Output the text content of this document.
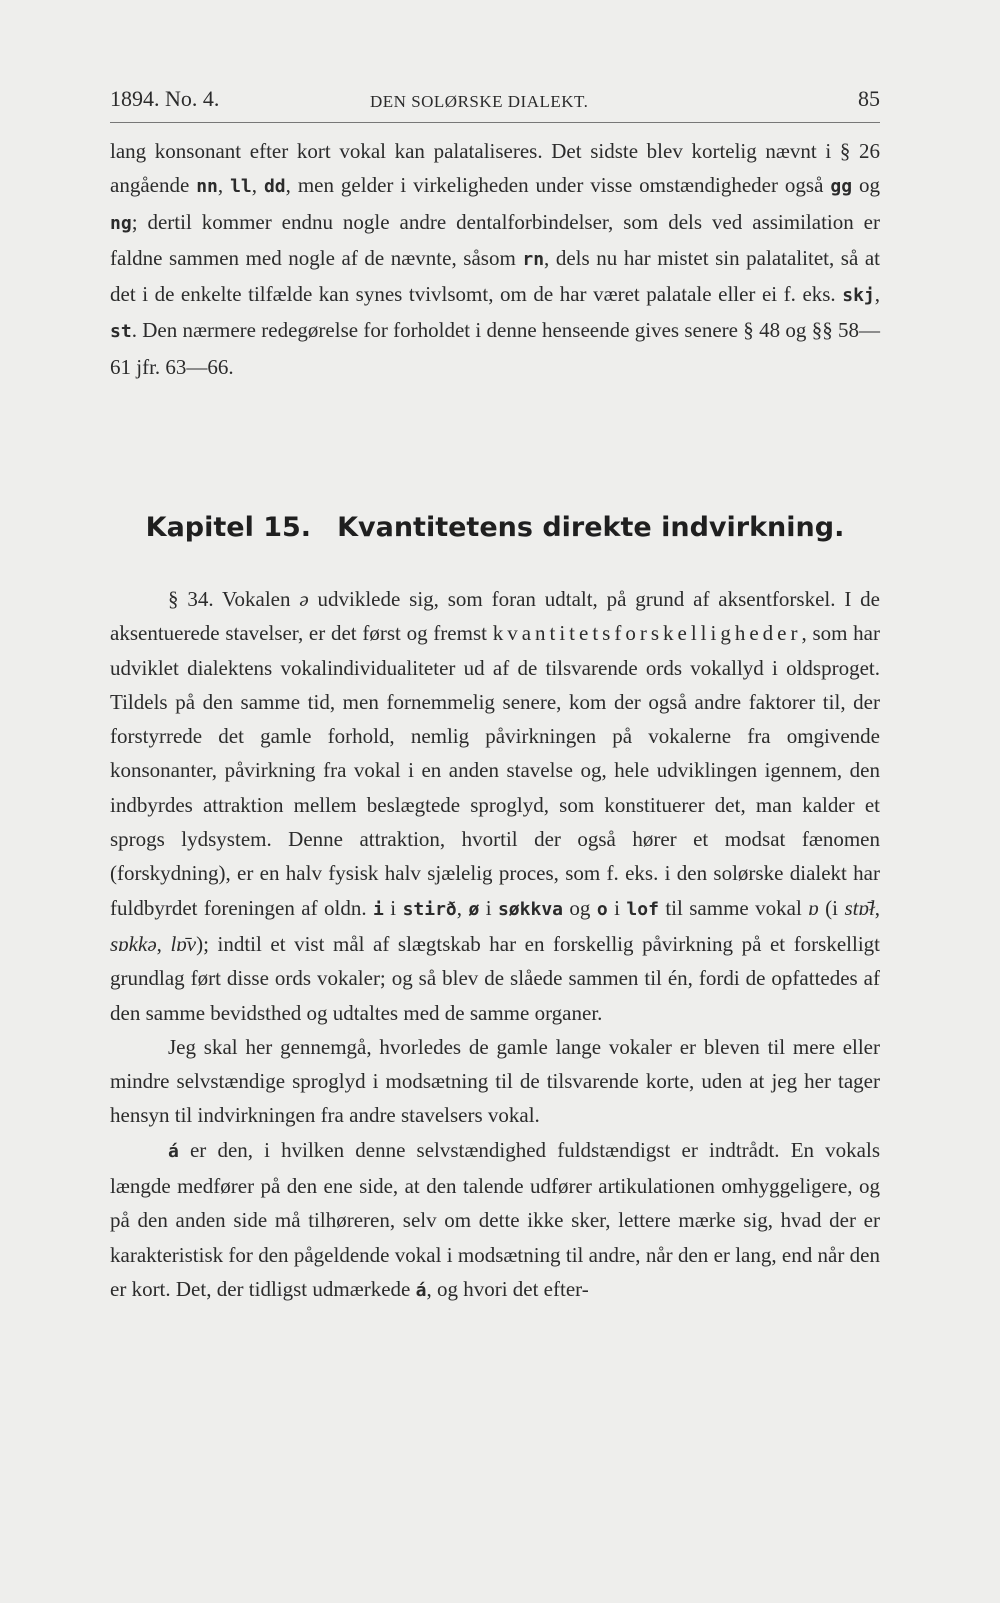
1894. No. 4.	DEN SOLØRSKE DIALEKT.	85

lang konsonant efter kort vokal kan palataliseres. Det sidste blev kortelig nævnt i § 26 angående nn, ll, dd, men gelder i virkeligheden under visse omstændigheder også gg og ng; dertil kommer endnu nogle andre dentalforbindelser, som dels ved assimilation er faldne sammen med nogle af de nævnte, såsom rn, dels nu har mistet sin palatalitet, så at det i de enkelte tilfælde kan synes tvivlsomt, om de har været palatale eller ei f. eks. skj, st. Den nærmere redegørelse for forholdet i denne henseende gives senere § 48 og §§ 58—61 jfr. 63—66.

Kapitel 15. Kvantitetens direkte indvirkning.

§ 34. Vokalen ə udviklede sig, som foran udtalt, på grund af aksentforskel. I de aksentuerede stavelser, er det først og fremst kvantitetsforskelligheder, som har udviklet dialektens vokalindividualiteter ud af de tilsvarende ords vokallyd i oldsproget. Tildels på den samme tid, men fornemmelig senere, kom der også andre faktorer til, der forstyrrede det gamle forhold, nemlig påvirkningen på vokalerne fra omgivende konsonanter, påvirkning fra vokal i en anden stavelse og, hele udviklingen igennem, den indbyrdes attraktion mellem beslægtede sproglyd, som konstituerer det, man kalder et sprogs lydsystem. Denne attraktion, hvortil der også hører et modsat fænomen (forskydning), er en halv fysisk halv sjælelig proces, som f. eks. i den solørske dialekt har fuldbyrdet foreningen af oldn. i i stirð, ø i søkkva og o i lof til samme vokal ɒ (i stɒ̄ł, sɒkkə, lɒ̄v); indtil et vist mål af slægtskab har en forskellig påvirkning på et forskelligt grundlag ført disse ords vokaler; og så blev de slåede sammen til én, fordi de opfattedes af den samme bevidsthed og udtaltes med de samme organer.

Jeg skal her gennemgå, hvorledes de gamle lange vokaler er bleven til mere eller mindre selvstændige sproglyd i modsætning til de tilsvarende korte, uden at jeg her tager hensyn til indvirkningen fra andre stavelsers vokal.

á er den, i hvilken denne selvstændighed fuldstændigst er indtrådt. En vokals længde medfører på den ene side, at den talende udfører artikulationen omhyggeligere, og på den anden side må tilhøreren, selv om dette ikke sker, lettere mærke sig, hvad der er karakteristisk for den pågeldende vokal i modsætning til andre, når den er lang, end når den er kort. Det, der tidligst udmærkede á, og hvori det efter-
